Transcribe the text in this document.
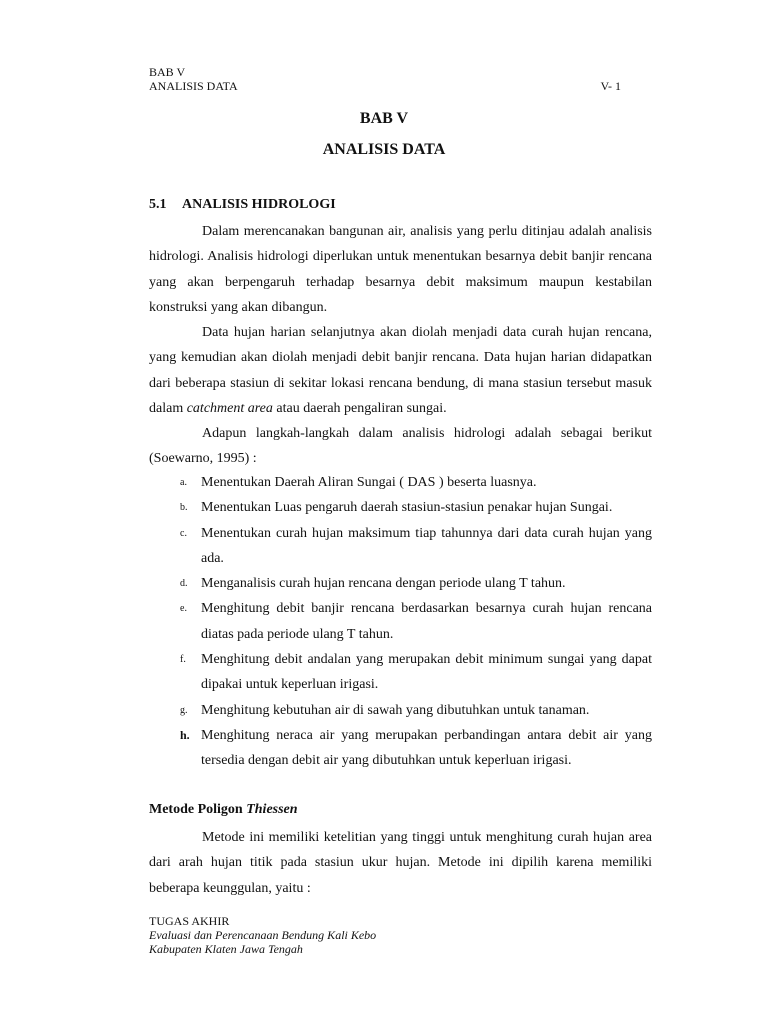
BAB V
ANALISIS DATA	V- 1
BAB V
ANALISIS DATA
5.1 ANALISIS HIDROLOGI

Dalam merencanakan bangunan air, analisis yang perlu ditinjau adalah analisis hidrologi. Analisis hidrologi diperlukan untuk menentukan besarnya debit banjir rencana yang akan berpengaruh terhadap besarnya debit maksimum maupun kestabilan konstruksi yang akan dibangun.

Data hujan harian selanjutnya akan diolah menjadi data curah hujan rencana, yang kemudian akan diolah menjadi debit banjir rencana. Data hujan harian didapatkan dari beberapa stasiun di sekitar lokasi rencana bendung, di mana stasiun tersebut masuk dalam catchment area atau daerah pengaliran sungai.

Adapun langkah-langkah dalam analisis hidrologi adalah sebagai berikut (Soewarno, 1995) :

a.	Menentukan Daerah Aliran Sungai ( DAS ) beserta luasnya.
b. Menentukan Luas pengaruh daerah stasiun-stasiun penakar hujan Sungai.
c.	Menentukan curah hujan maksimum tiap tahunnya dari data curah hujan yang ada.
d. Menganalisis curah hujan rencana dengan periode ulang T tahun.
e.	Menghitung debit banjir rencana berdasarkan besarnya curah hujan rencana diatas pada periode ulang T tahun.
f.	Menghitung debit andalan yang merupakan debit minimum sungai yang dapat dipakai untuk keperluan irigasi.
g. Menghitung kebutuhan air di sawah yang dibutuhkan untuk tanaman.
h. Menghitung neraca air yang merupakan perbandingan antara debit air yang tersedia dengan debit air yang dibutuhkan untuk keperluan irigasi.
Metode Poligon Thiessen

Metode ini memiliki ketelitian yang tinggi untuk menghitung curah hujan area dari arah hujan titik pada stasiun ukur hujan. Metode ini dipilih karena memiliki beberapa keunggulan, yaitu :

TUGAS AKHIR
Evaluasi dan Perencanaan Bendung Kali Kebo
Kabupaten Klaten Jawa Tengah
